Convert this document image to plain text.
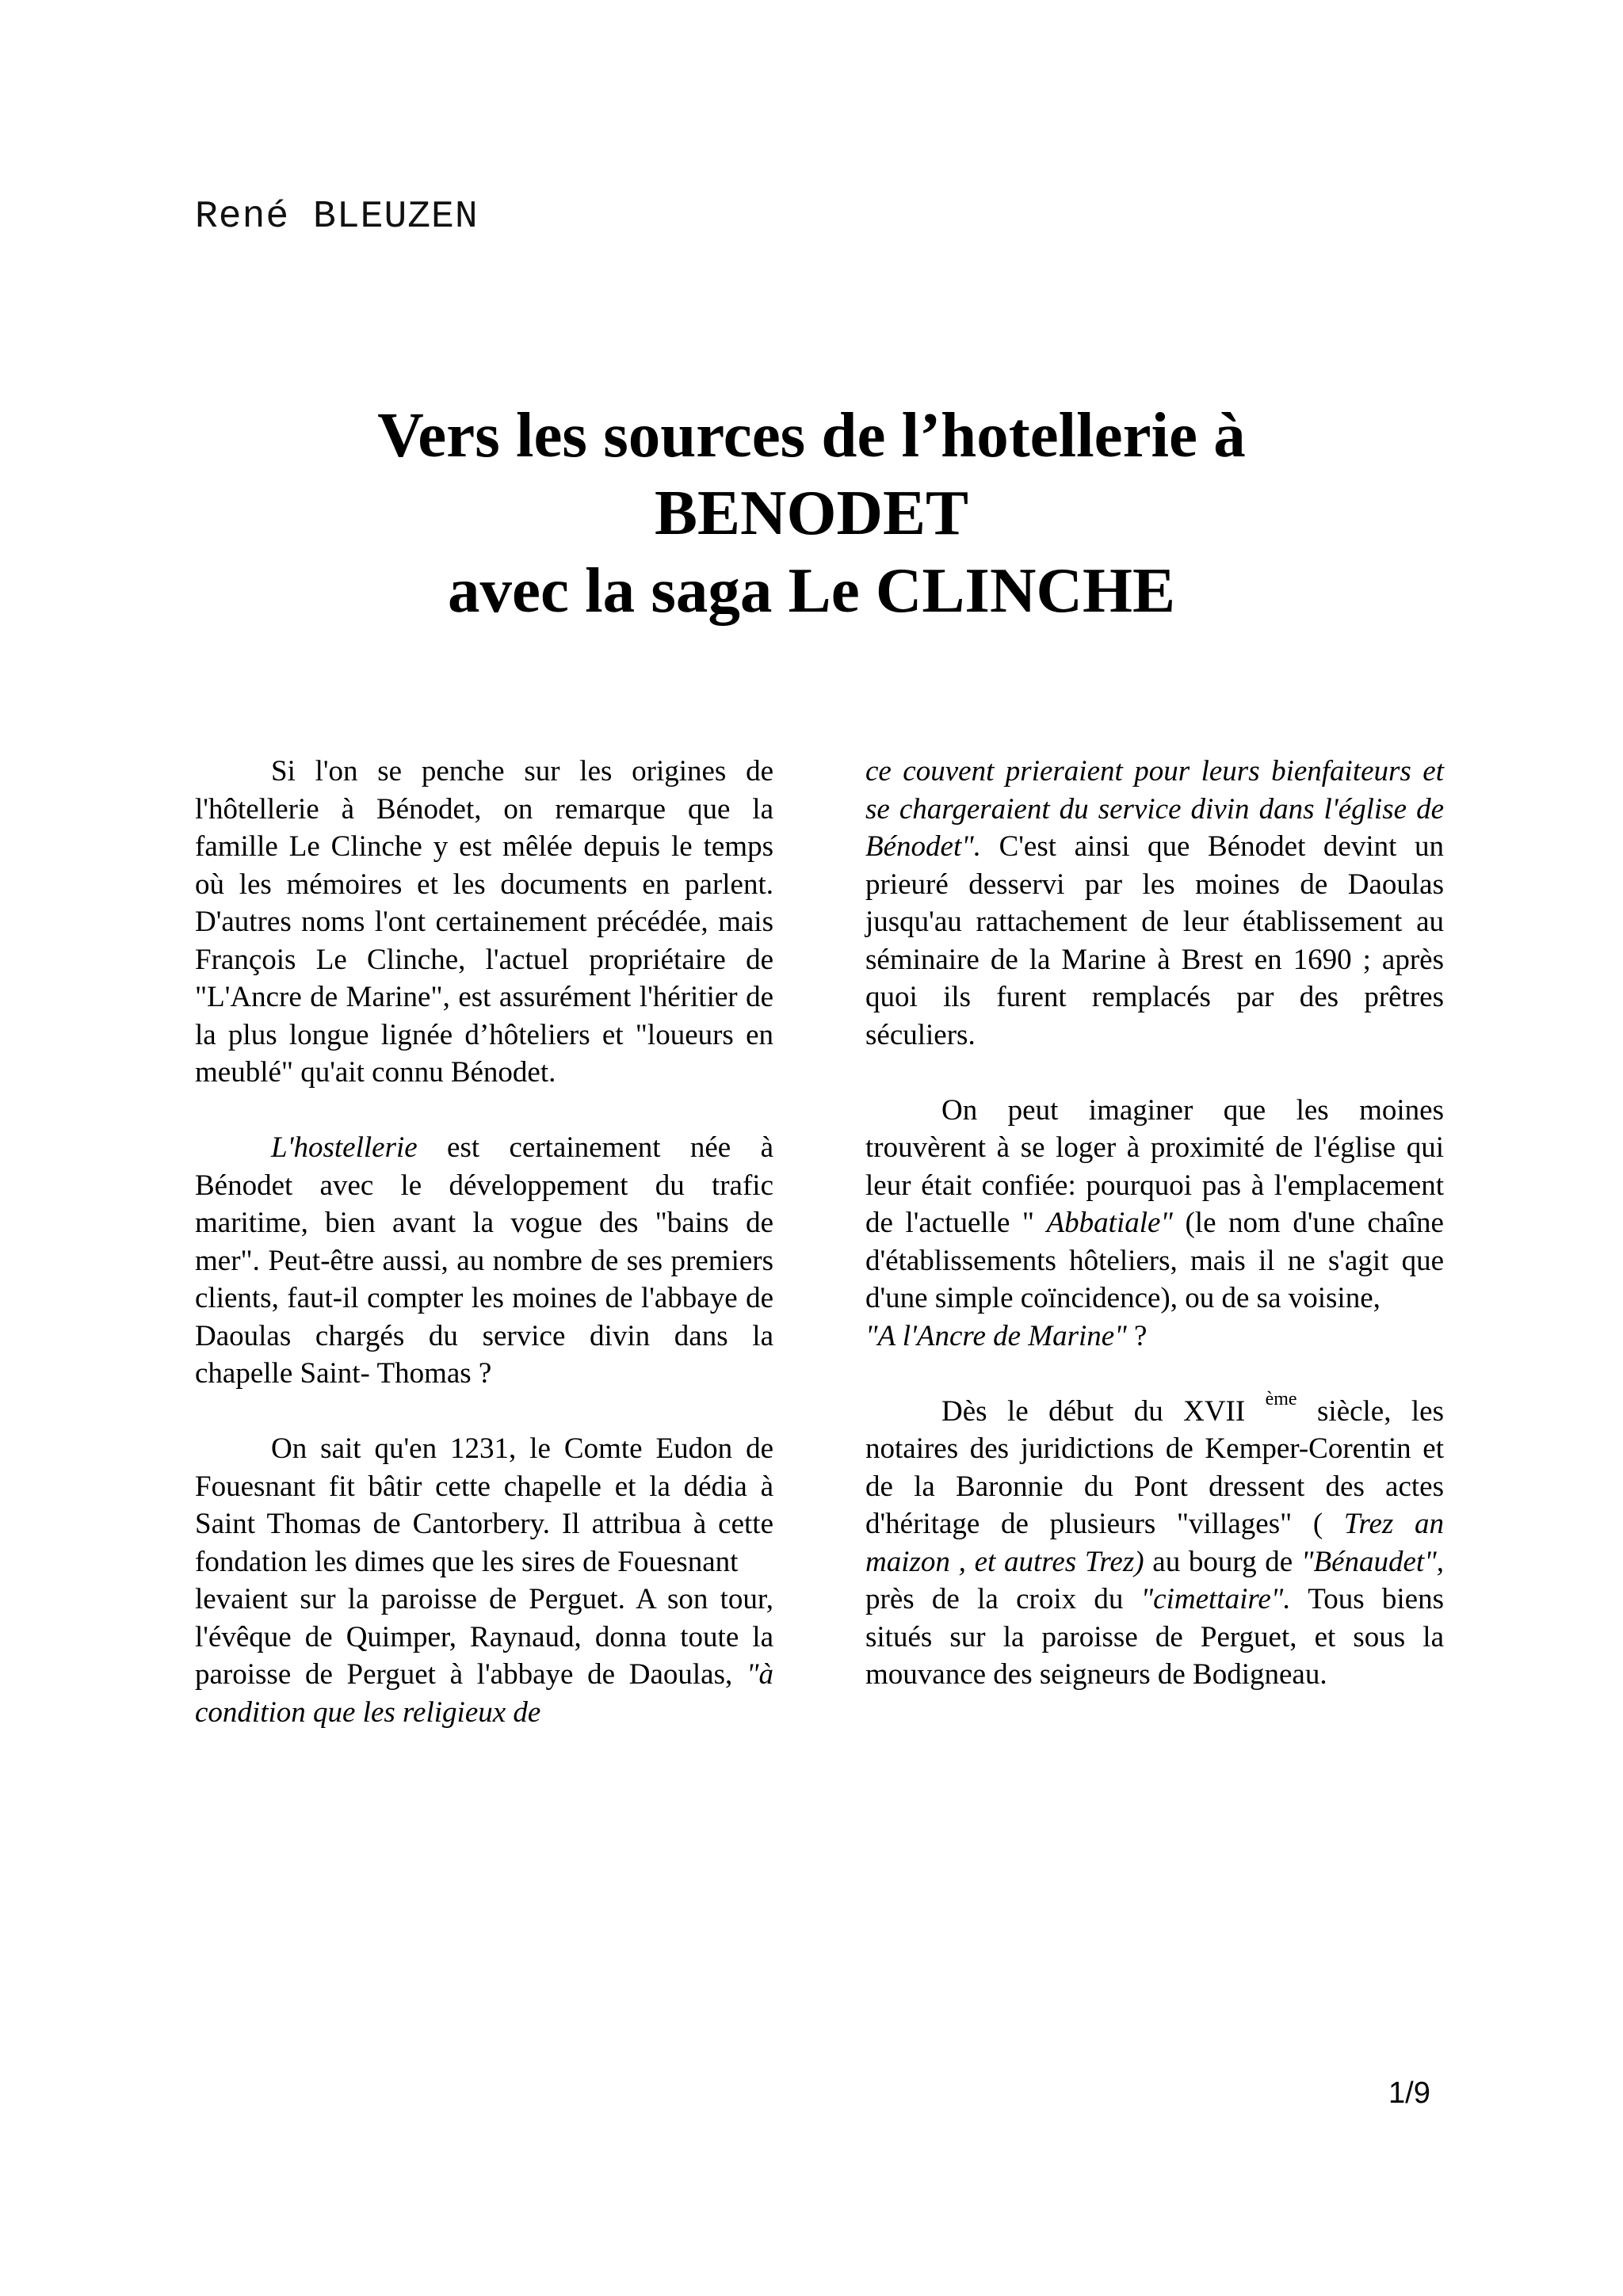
René BLEUZEN
Vers les sources de l’hotellerie à
BENODET
avec la saga Le CLINCHE

Si l'on se penche sur les origines de l'hôtellerie à Bénodet, on remarque que la famille Le Clinche y est mêlée depuis le temps où les mémoires et les documents en parlent. D'autres noms l'ont certainement précédée, mais François Le Clinche, l'actuel propriétaire de "L'Ancre de Marine", est assurément l'héritier de la plus longue lignée d’hôteliers et "loueurs en meublé" qu'ait connu Bénodet.

L'hostellerie est certainement née à Bénodet avec le développement du trafic maritime, bien avant la vogue des "bains de mer". Peut-être aussi, au nombre de ses premiers clients, faut-il compter les moines de l'abbaye de Daoulas chargés du service divin dans la chapelle Saint- Thomas ?

On sait qu'en 1231, le Comte Eudon de Fouesnant fit bâtir cette chapelle et la dédia à Saint Thomas de Cantorbery. Il attribua à cette fondation les dimes que les sires de Fouesnant

levaient sur la paroisse de Perguet. A son tour, l'évêque de Quimper, Raynaud, donna toute la paroisse de Perguet à l'abbaye de Daoulas, "à condition que les religieux de

ce couvent prieraient pour leurs bienfaiteurs et se chargeraient du service divin dans l'église de Bénodet". C'est ainsi que Bénodet devint un prieuré desservi par les moines de Daoulas jusqu'au rattachement de leur établissement au séminaire de la Marine à Brest en 1690 ; après quoi ils furent remplacés par des prêtres séculiers.

On peut imaginer que les moines trouvèrent à se loger à proximité de l'église qui leur était confiée: pourquoi pas à l'emplacement de l'actuelle " Abbatiale" (le nom d'une chaîne d'établissements hôteliers, mais il ne s'agit que d'une simple coïncidence), ou de sa voisine,
"A l'Ancre de Marine" ?

Dès le début du XVII $^{ème}$ siècle, les notaires des juridictions de Kemper-Corentin et de la Baronnie du Pont dressent des actes d'héritage de plusieurs "villages" ( Trez an maizon , et autres Trez) au bourg de "Bénaudet", près de la croix du "cimettaire". Tous biens situés sur la paroisse de Perguet, et sous la mouvance des seigneurs de Bodigneau.

1/9
